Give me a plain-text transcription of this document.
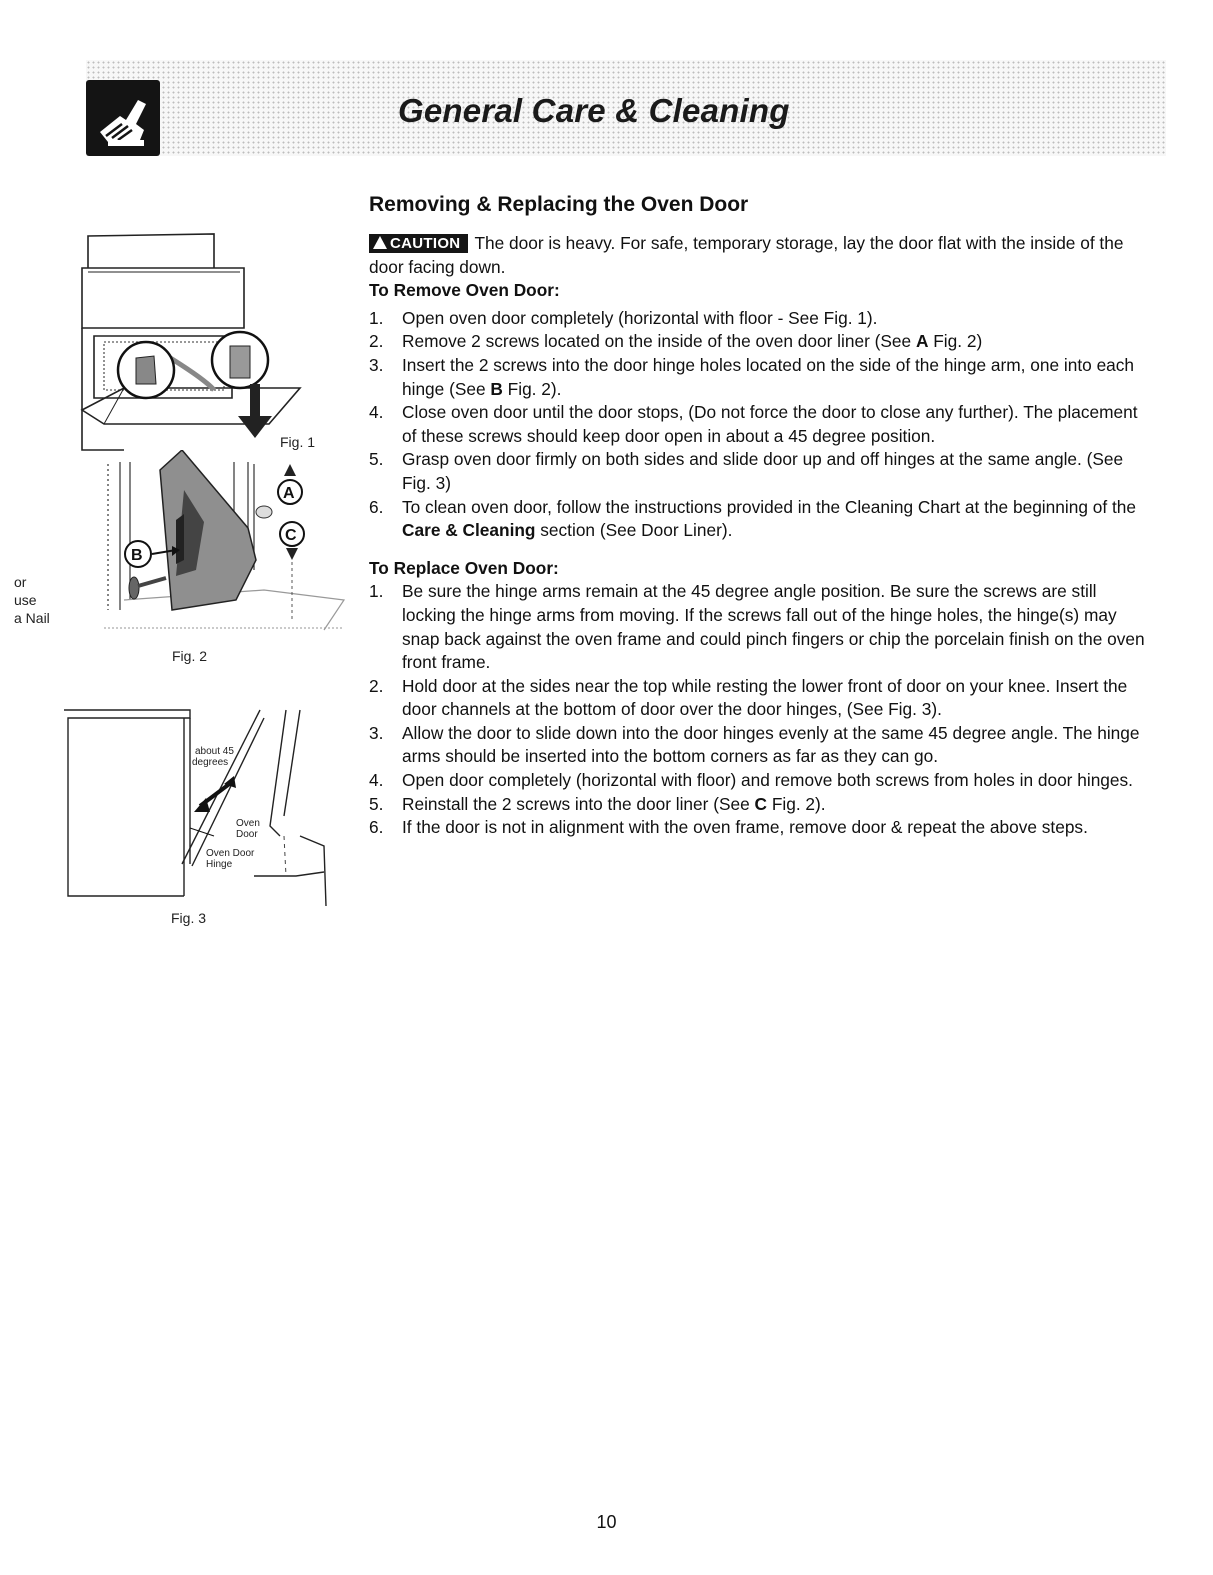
General Care & Cleaning
Fig. 1
B
A
C
or
use
a Nail
Fig. 2
about 45
degrees
Oven
Door
Oven Door
Hinge
Fig. 3
Removing & Replacing the Oven Door

CAUTION The door is heavy. For safe, temporary storage, lay the door flat with the inside of the door facing down.

To Remove Oven Door:

1. Open oven door completely (horizontal with floor - See Fig. 1).
2. Remove 2 screws located on the inside of the oven door liner (See A Fig. 2)
3. Insert the 2 screws into the door hinge holes located on the side of the hinge arm, one into each hinge (See B Fig. 2).
4. Close oven door until the door stops, (Do not force the door to close any further). The placement of these screws should keep door open in about a 45 degree position.
5. Grasp oven door firmly on both sides and slide door up and off hinges at the same angle. (See Fig. 3)
6. To clean oven door, follow the instructions provided in the Cleaning Chart at the beginning of the Care & Cleaning section (See Door Liner).

To Replace Oven Door:

1. Be sure the hinge arms remain at the 45 degree angle position. Be sure the screws are still locking the hinge arms from moving. If the screws fall out of the hinge holes, the hinge(s) may snap back against the oven frame and could pinch fingers or chip the porcelain finish on the oven front frame.
2. Hold door at the sides near the top while resting the lower front of door on your knee. Insert the door channels at the bottom of door over the door hinges, (See Fig. 3).
3. Allow the door to slide down into the door hinges evenly at the same 45 degree angle. The hinge arms should be inserted into the bottom corners as far as they can go.
4. Open door completely (horizontal with floor) and remove both screws from holes in door hinges.
5. Reinstall the 2 screws into the door liner (See C Fig. 2).
6. If the door is not in alignment with the oven frame, remove door & repeat the above steps.
10
